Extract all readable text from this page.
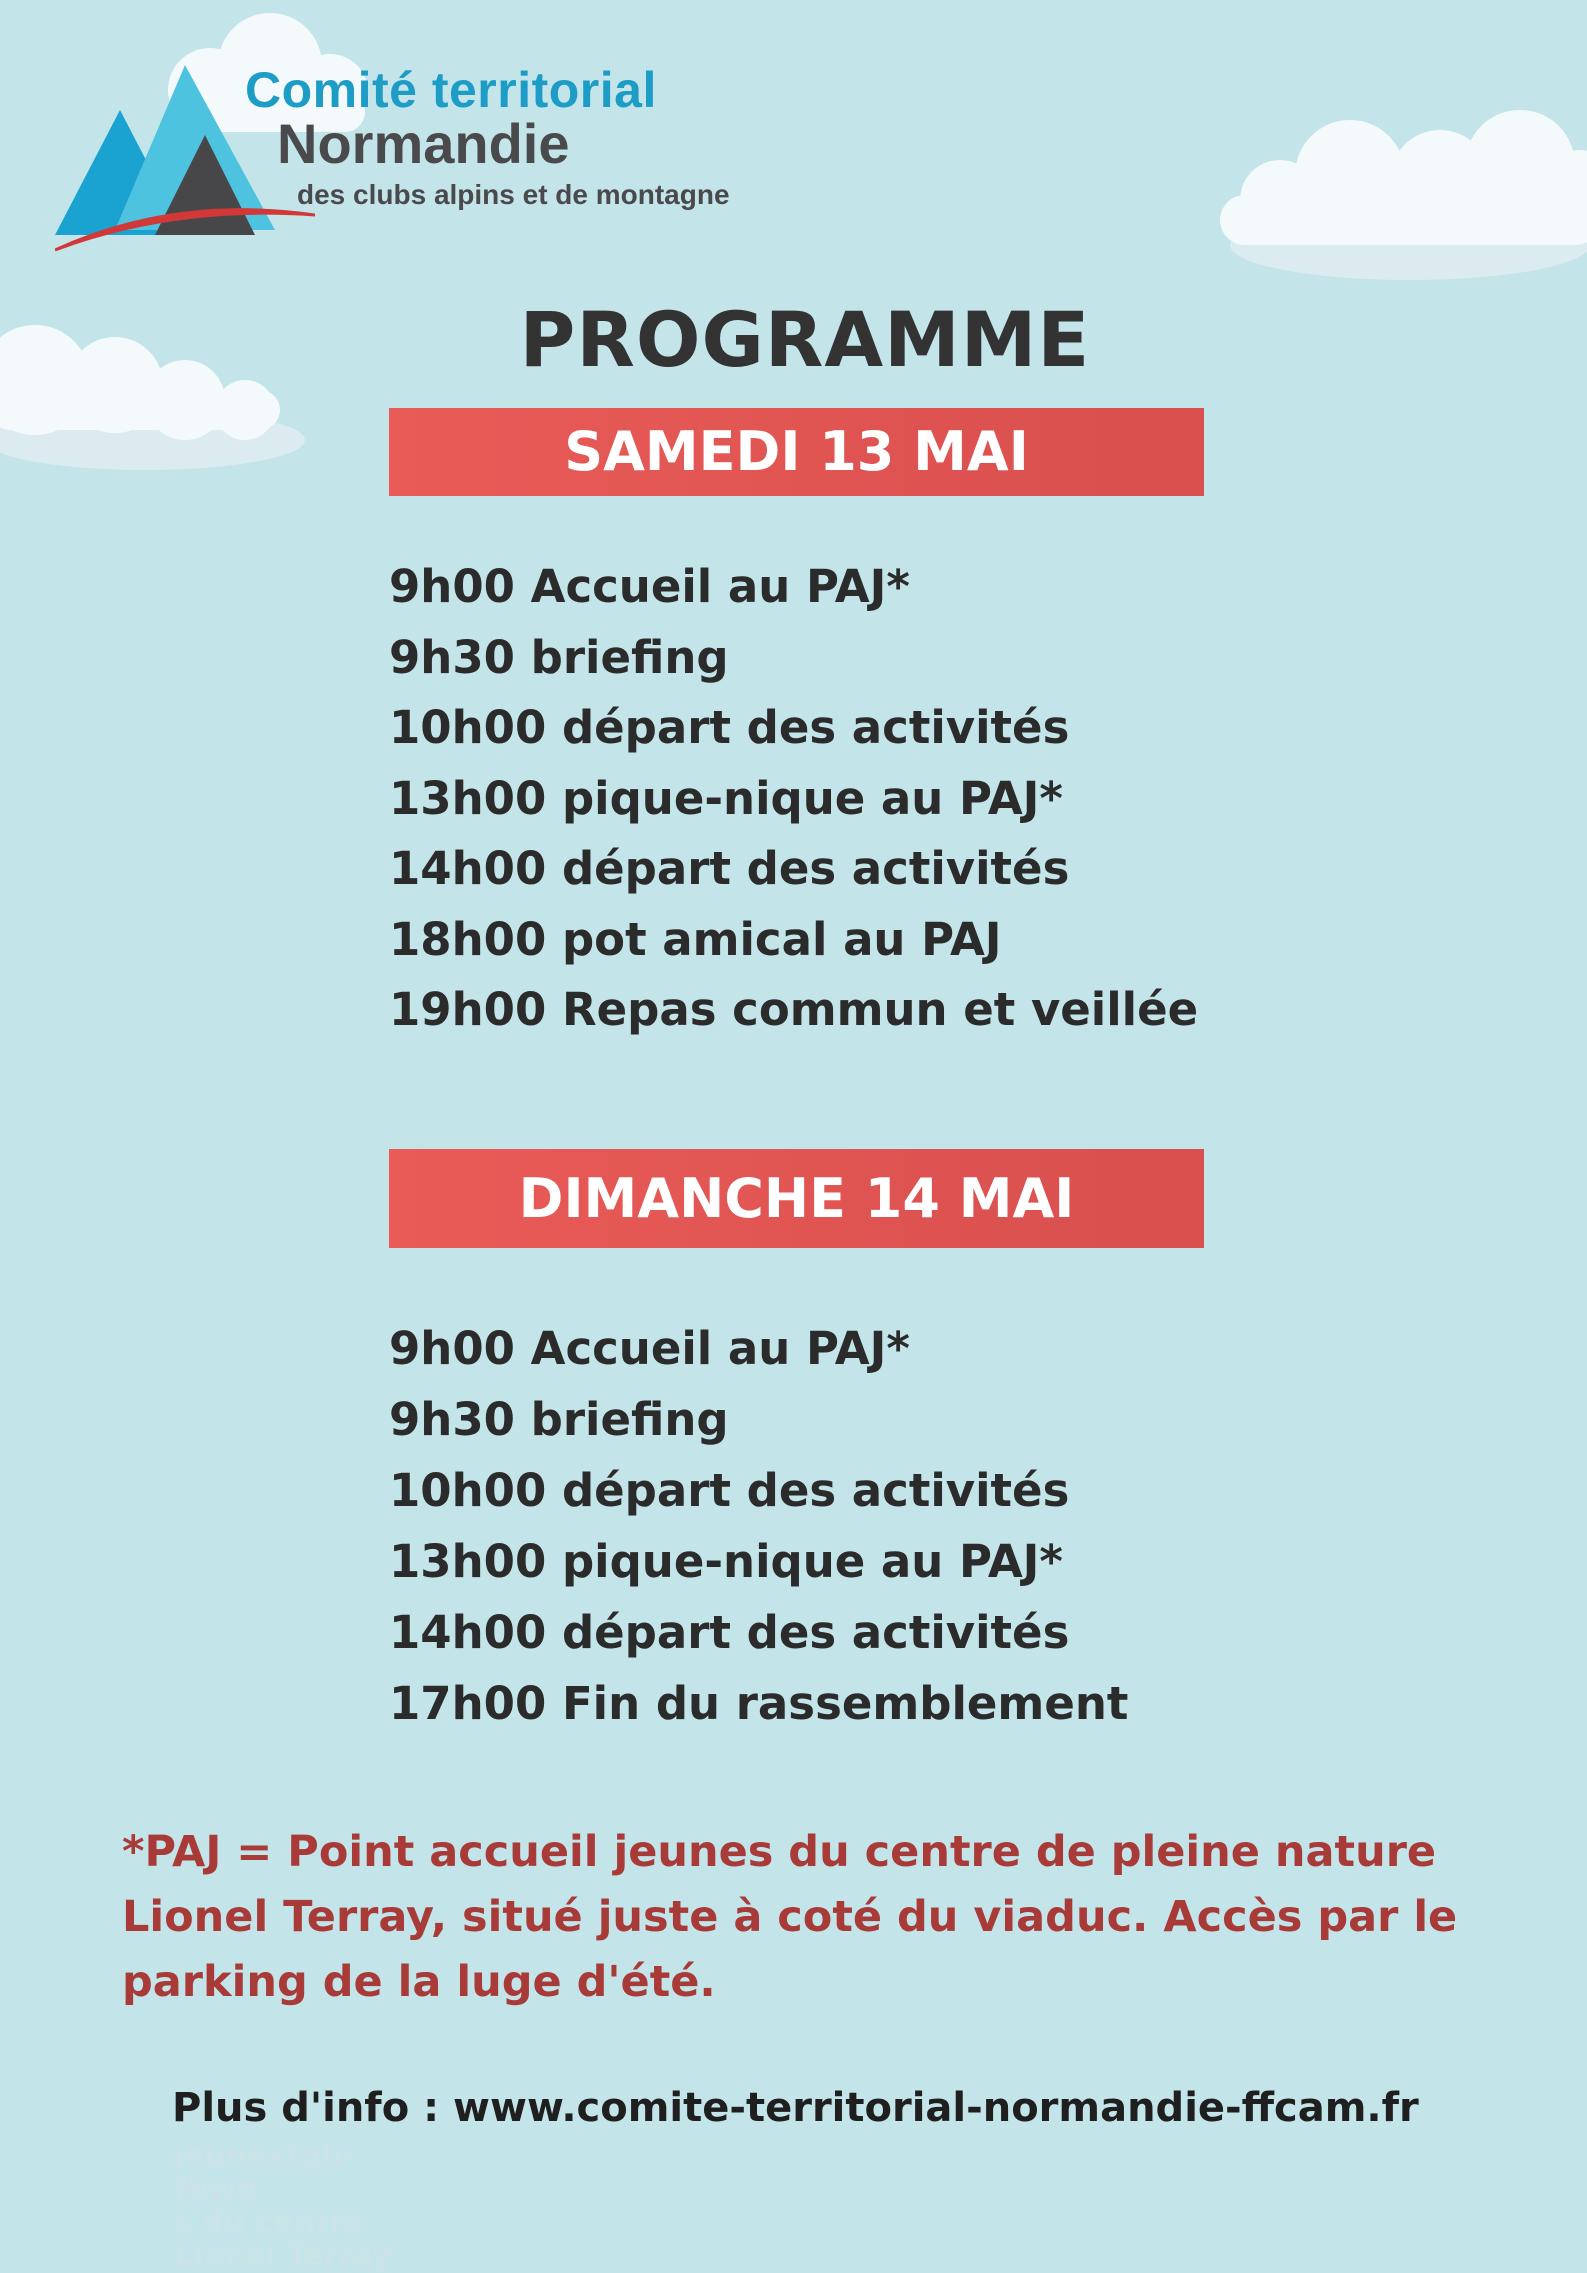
Comité territorial
Normandie
des clubs alpins et de montagne
PROGRAMME
SAMEDI 13 MAI
9h00 Accueil au PAJ*
9h30 briefing
10h00 départ des activités
13h00 pique-nique au PAJ*
14h00 départ des activités
18h00 pot amical au PAJ
19h00 Repas commun et veillée
DIMANCHE 14 MAI
9h00 Accueil au PAJ*
9h30 briefing
10h00 départ des activités
13h00 pique-nique au PAJ*
14h00 départ des activités
17h00 Fin du rassemblement
*PAJ = Point accueil jeunes du centre de pleine nature Lionel Terray, situé juste à coté du viaduc. Accès par le parking de la luge d'été.
Plus d'info : www.comite-territorial-normandie-ffcam.fr
jeunexfgb-fbwg
s du centre
Lionel Terray
